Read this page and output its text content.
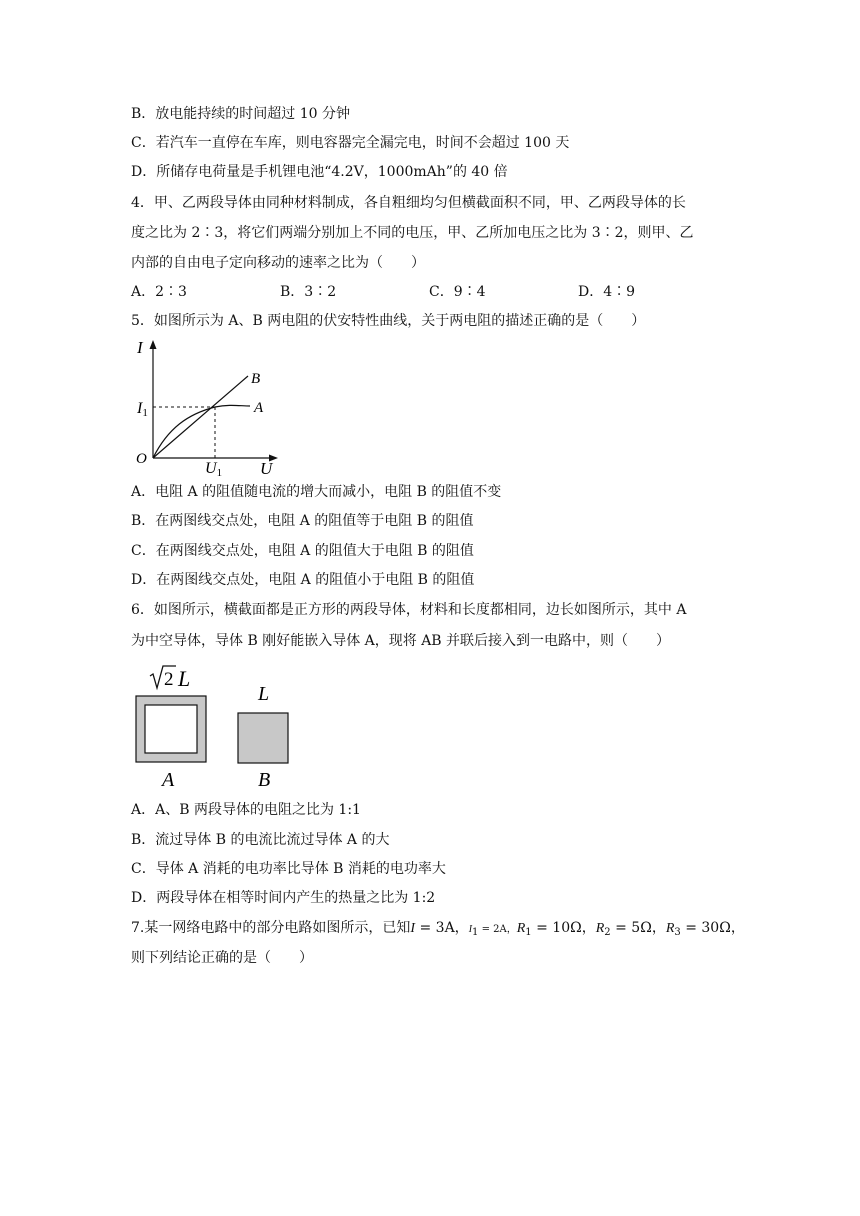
B．放电能持续的时间超过 10 分钟
C．若汽车一直停在车库，则电容器完全漏完电，时间不会超过 100 天
D．所储存电荷量是手机锂电池“4.2V，1000mAh”的 40 倍
4．甲、乙两段导体由同种材料制成，各自粗细均匀但横截面积不同，甲、乙两段导体的长
度之比为 2∶3，将它们两端分别加上不同的电压，甲、乙所加电压之比为 3∶2，则甲、乙
内部的自由电子定向移动的速率之比为（　　）
A．2∶3	B．3∶2	C．9∶4	D．4∶9
5．如图所示为 A、B 两电阻的伏安特性曲线，关于两电阻的描述正确的是（　　）
I
U
O
B
A
I1
U1
A．电阻 A 的阻值随电流的增大而减小，电阻 B 的阻值不变
B．在两图线交点处，电阻 A 的阻值等于电阻 B 的阻值
C．在两图线交点处，电阻 A 的阻值大于电阻 B 的阻值
D．在两图线交点处，电阻 A 的阻值小于电阻 B 的阻值
6．如图所示，横截面都是正方形的两段导体，材料和长度都相同，边长如图所示，其中 A
为中空导体，导体 B 刚好能嵌入导体 A，现将 AB 并联后接入到一电路中，则（　　）
2 L
A
L
B
A．A、B 两段导体的电阻之比为 1:1
B．流过导体 B 的电流比流过导体 A 的大
C．导体 A 消耗的电功率比导体 B 消耗的电功率大
D．两段导体在相等时间内产生的热量之比为 1:2
7.某一网络电路中的部分电路如图所示，已知I = 3A，$I_1 = 2A$，$R_1 = 10\Omega$，$R_2 = 5\Omega$，$R_3 = 30\Omega$，
则下列结论正确的是（　　）
